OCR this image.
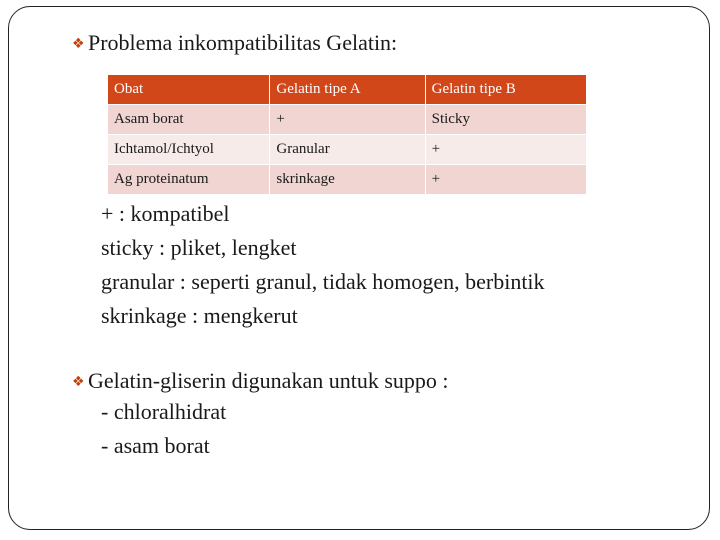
❖ Problema inkompatibilitas Gelatin:
Obat	Gelatin tipe A	Gelatin tipe B
Asam borat	+	Sticky
Ichtamol/Ichtyol	Granular	+
Ag proteinatum	skrinkage	+
+ : kompatibel
sticky : pliket, lengket
granular : seperti granul, tidak homogen, berbintik
skrinkage : mengkerut
❖ Gelatin-gliserin digunakan untuk suppo :
- chloralhidrat
- asam borat
